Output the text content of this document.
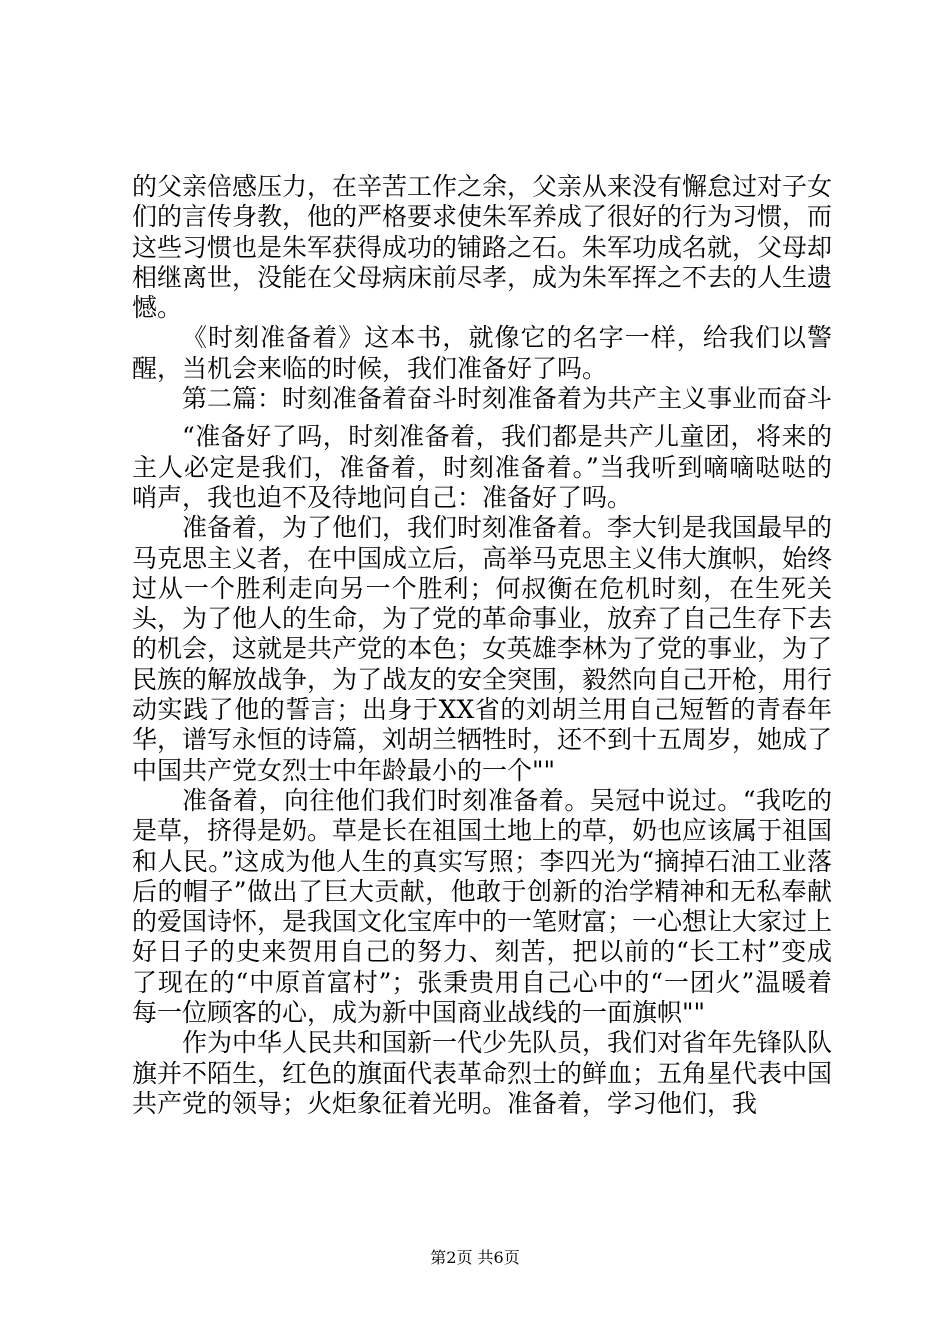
的父亲倍感压力，在辛苦工作之余，父亲从来没有懈怠过对子女们的言传身教，他的严格要求使朱军养成了很好的行为习惯，而这些习惯也是朱军获得成功的铺路之石。朱军功成名就，父母却相继离世，没能在父母病床前尽孝，成为朱军挥之不去的人生遗憾。

《时刻准备着》这本书，就像它的名字一样，给我们以警醒，当机会来临的时候，我们准备好了吗。

第二篇：时刻准备着奋斗时刻准备着为共产主义事业而奋斗

“准备好了吗，时刻准备着，我们都是共产儿童团，将来的主人必定是我们，准备着，时刻准备着。”当我听到嘀嘀哒哒的哨声，我也迫不及待地问自己：准备好了吗。

准备着，为了他们，我们时刻准备着。李大钊是我国最早的马克思主义者，在中国成立后，高举马克思主义伟大旗帜，始终过从一个胜利走向另一个胜利；何叔衡在危机时刻，在生死关头，为了他人的生命，为了党的革命事业，放弃了自己生存下去的机会，这就是共产党的本色；女英雄李林为了党的事业，为了民族的解放战争，为了战友的安全突围，毅然向自己开枪，用行动实践了他的誓言；出身于XX省的刘胡兰用自己短暂的青春年华，谱写永恒的诗篇，刘胡兰牺牲时，还不到十五周岁，她成了中国共产党女烈士中年龄最小的一个""

准备着，向往他们我们时刻准备着。吴冠中说过。“我吃的是草，挤得是奶。草是长在祖国土地上的草，奶也应该属于祖国和人民。”这成为他人生的真实写照；李四光为“摘掉石油工业落后的帽子”做出了巨大贡献，他敢于创新的治学精神和无私奉献的爱国诗怀，是我国文化宝库中的一笔财富；一心想让大家过上好日子的史来贺用自己的努力、刻苦，把以前的“长工村”变成了现在的“中原首富村”；张秉贵用自己心中的“一团火”温暖着每一位顾客的心，成为新中国商业战线的一面旗帜""

作为中华人民共和国新一代少先队员，我们对省年先锋队队旗并不陌生，红色的旗面代表革命烈士的鲜血；五角星代表中国共产党的领导；火炬象征着光明。准备着，学习他们，我

第2页 共6页
